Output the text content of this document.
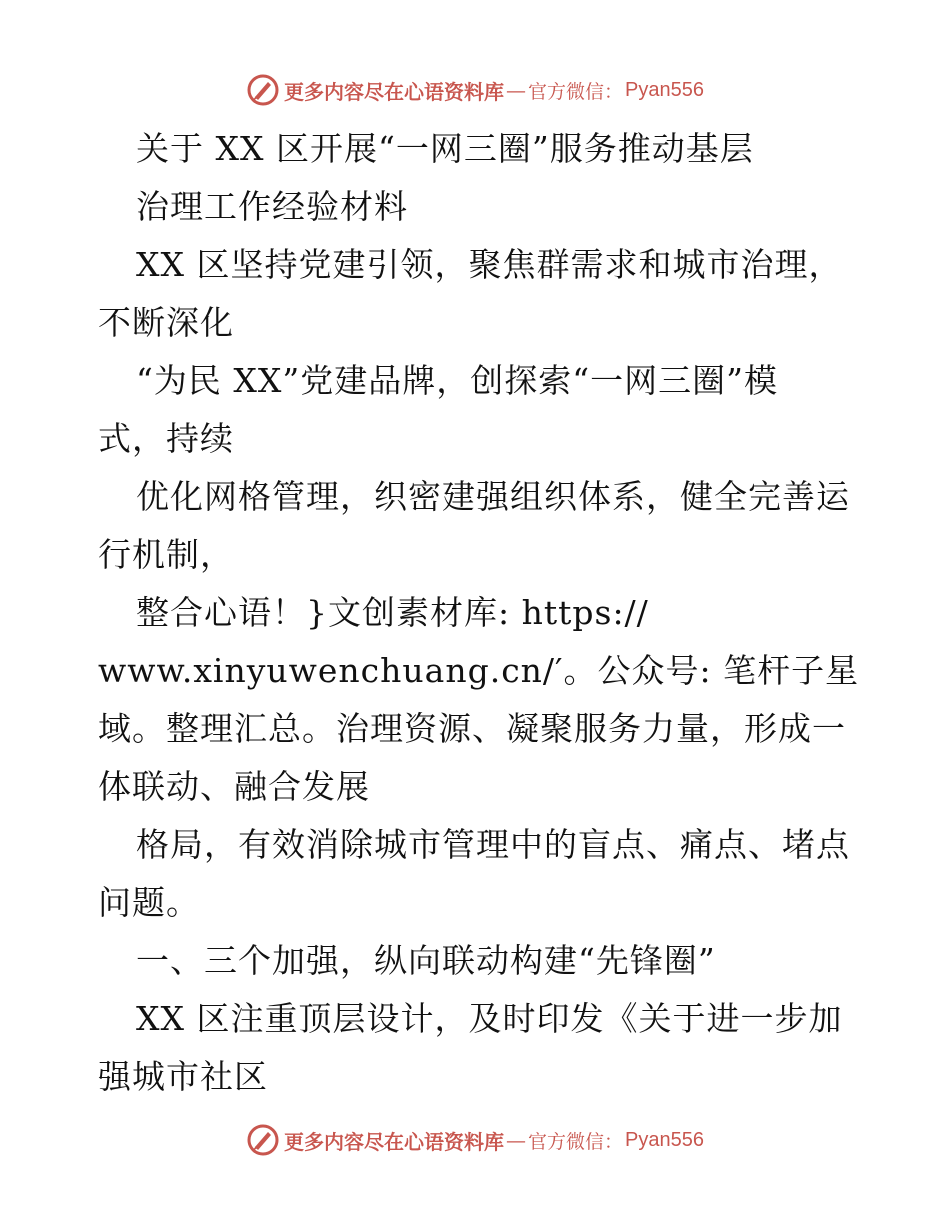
更多内容尽在心语资料库 — 官方微信： Pyan556
关于 XX 区开展“一网三圈”服务推动基层
治理工作经验材料
XX 区坚持党建引领，聚焦群需求和城市治理，
不断深化
“为民 XX”党建品牌，创探索“一网三圈”模
式，持续
优化网格管理，织密建强组织体系，健全完善运
行机制，
整合心语！}文创素材库: https://
www.xinyuwenchuang.cn/′。公众号: 笔杆子星
域。整理汇总。治理资源、凝聚服务力量，形成一
体联动、融合发展
格局，有效消除城市管理中的盲点、痛点、堵点
问题。
一、三个加强，纵向联动构建“先锋圈”
XX 区注重顶层设计，及时印发《关于进一步加
强城市社区
更多内容尽在心语资料库 — 官方微信： Pyan556
